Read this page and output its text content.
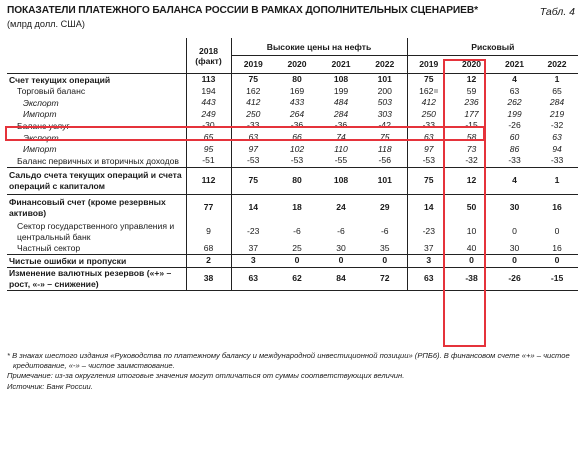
ПОКАЗАТЕЛИ ПЛАТЕЖНОГО БАЛАНСА РОССИИ В РАМКАХ ДОПОЛНИТЕЛЬНЫХ СЦЕНАРИЕВ*	Табл. 4
(млрд долл. США)
	2018 (факт)	Высокие цены на нефть				Рисковый			
		2019	2020	2021	2022	2019	2020	2021	2022
Счет текущих операций	113	75	80	108	101	75	12	4	1
Торговый баланс	194	162	169	199	200	162	59	63	65
Экспорт	443	412	433	484	503	412	236	262	284
Импорт	249	250	264	284	303	250	177	199	219
Баланс услуг	-30	-33	-36	-36	-42	-33	-15	-26	-32
Экспорт	65	63	66	74	75	63	58	60	63
Импорт	95	97	102	110	118	97	73	86	94
Баланс первичных и вторичных доходов	-51	-53	-53	-55	-56	-53	-32	-33	-33
Сальдо счета текущих операций и счета операций с капиталом	112	75	80	108	101	75	12	4	1
Финансовый счет (кроме резервных активов)	77	14	18	24	29	14	50	30	16
Сектор государственного управления и центральный банк	9	-23	-6	-6	-6	-23	10	0	0
Частный сектор	68	37	25	30	35	37	40	30	16
Чистые ошибки и пропуски	2	3	0	0	0	3	0	0	0
Изменение валютных резервов («+» – рост, «-» – снижение)	38	63	62	84	72	63	-38	-26	-15
* В знаках шестого издания «Руководства по платежному балансу и международной инвестиционной позиции» (РПБ6). В финансовом счете «+» – чистое
кредитование, «-» – чистое заимствование.
Примечание: из-за округления итоговые значения могут отличаться от суммы соответствующих величин.
Источник: Банк России.
